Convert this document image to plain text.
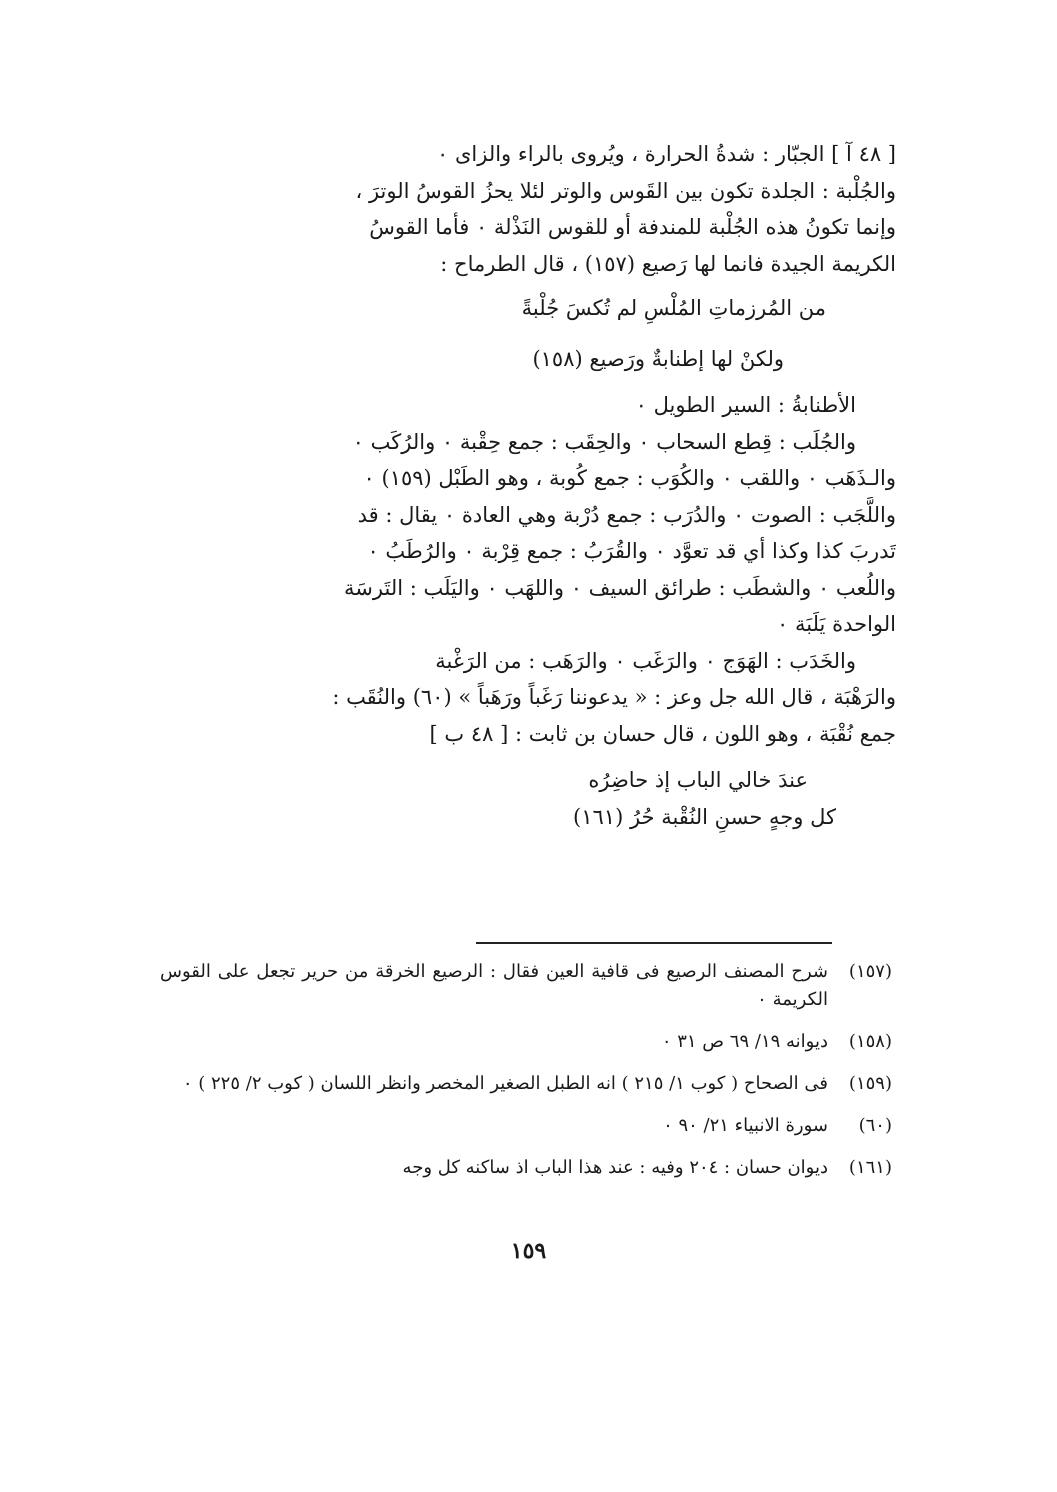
[ ٤٨ آ ] الجبّار : شدةُ الحرارة ، ويُروى بالراء والزاى ٠
والجُلْبة : الجلدة تكون بين القَوس والوتر لئلا يحزُ القوسُ الوترَ ،
وإنما تكونُ هذه الجُلْبة للمندفة أو للقوس النَذْلة ٠ فأما القوسُ
الكريمة الجيدة فانما لها رَصيع (١٥٧) ، قال الطرماح :
من المُرزماتِ المُلْسِ لم تُكسَ جُلْبةً
ولكنْ لها إطنابةٌ ورَصيع (١٥٨)
الأطنابةُ : السير الطويل ٠
والجُلَب : قِطع السحاب ٠ والحِقَب : جمع حِقْبة ٠ والرُكَب ٠
والـذَهَب ٠ واللقب ٠ والكُوَب : جمع كُوبة ، وهو الطَبْل (١٥٩) ٠
واللَّجَب : الصوت ٠ والدُرَب : جمع دُرْبة وهي العادة ٠ يقال : قد
تَدربَ كذا وكذا أي قد تعوَّد ٠ والقُرَبُ : جمع قِرْبة ٠ والرُطَبُ ٠
واللُعب ٠ والشطَب : طرائق السيف ٠ واللهَب ٠ واليَلَب : التَرسَة
الواحدة يَلَبَة ٠
والخَدَب : الهَوَج ٠ والرَغَب ٠ والرَهَب : من الرَغْبة
والرَهْبَة ، قال الله جل وعز : « يدعوننا رَغَباً ورَهَباً » (٦٠) والنُقَب :
جمع نُقْبَة ، وهو اللون ، قال حسان بن ثابت : [ ٤٨ ب ]
عندَ خالي الباب إذ حاضِرُه
كل وجهٍ حسنِ النُقْبة حُرُ (١٦١)
(١٥٧)
شرح المصنف الرصيع فى قافية العين فقال : الرصيع الخرقة من حرير تجعل على القوس الكريمة ٠
(١٥٨)
ديوانه ١٩/ ٦٩ ص ٣١ ٠
(١٥٩)
فى الصحاح ( كوب ١/ ٢١٥ ) انه الطبل الصغير المخصر وانظر اللسان ( كوب ٢/ ٢٢٥ ) ٠
(٦٠)
سورة الانبياء ٢١/ ٩٠ ٠
(١٦١)
ديوان حسان : ٢٠٤ وفيه : عند هذا الباب اذ ساكنه كل وجه
١٥٩
